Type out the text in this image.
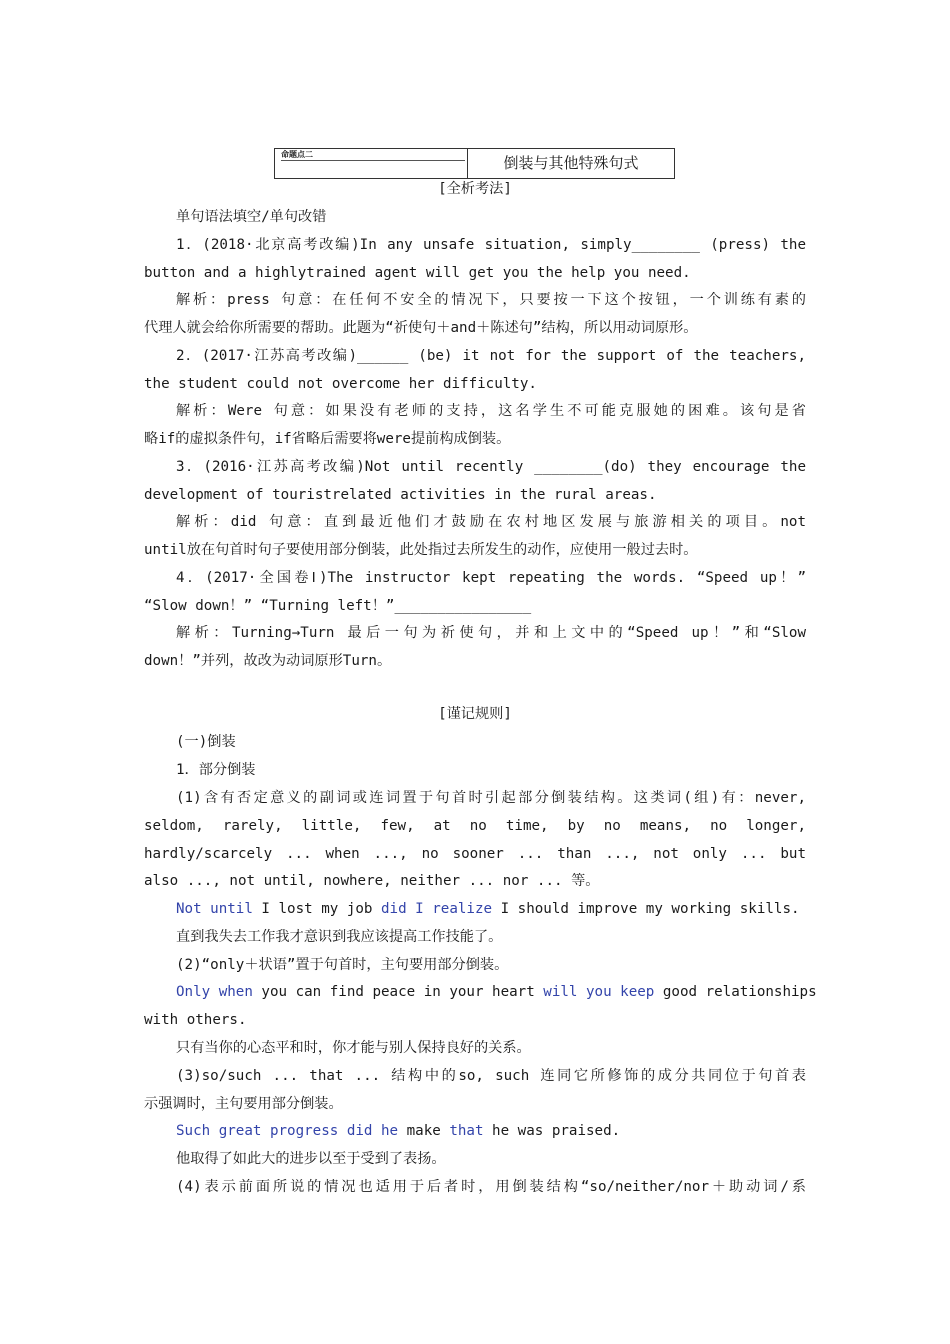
命题点二	倒装与其他特殊句式
[全析考法]
单句语法填空/单句改错
1．(2018·北京高考改编)In any unsafe situation, simply________ (press) the
button and a highlytrained agent will get you the help you need.
解析：press 句意：在任何不安全的情况下，只要按一下这个按钮，一个训练有素的
代理人就会给你所需要的帮助。此题为“祈使句＋and＋陈述句”结构，所以用动词原形。
2．(2017·江苏高考改编)______ (be) it not for the support of the teachers,
the student could not overcome her difficulty.
解析：Were 句意：如果没有老师的支持，这名学生不可能克服她的困难。该句是省
略if的虚拟条件句，if省略后需要将were提前构成倒装。
3．(2016·江苏高考改编)Not until recently ________(do) they encourage the
development of touristrelated activities in the rural areas.
解析：did 句意：直到最近他们才鼓励在农村地区发展与旅游相关的项目。not
until放在句首时句子要使用部分倒装，此处指过去所发生的动作，应使用一般过去时。
4．(2017·全国卷Ⅰ)The instructor kept repeating the words. “Speed up！”
“Slow down！” “Turning left！”________________
解析：Turning→Turn 最后一句为祈使句，并和上文中的“Speed up！”和“Slow
down！”并列，故改为动词原形Turn。
[谨记规则]
(一)倒装
1．部分倒装
(1)含有否定意义的副词或连词置于句首时引起部分倒装结构。这类词(组)有：never,
seldom, rarely, little, few, at no time, by no means, no longer,
hardly/scarcely ... when ..., no sooner ... than ..., not only ... but
also ..., not until, nowhere, neither ... nor ... 等。
Not until I lost my job did I realize I should improve my working skills.
直到我失去工作我才意识到我应该提高工作技能了。
(2)“only＋状语”置于句首时，主句要用部分倒装。
Only when you can find peace in your heart will you keep good relationships
with others.
只有当你的心态平和时，你才能与别人保持良好的关系。
(3)so/such ... that ... 结构中的so, such 连同它所修饰的成分共同位于句首表
示强调时，主句要用部分倒装。
Such great progress did he make that he was praised.
他取得了如此大的进步以至于受到了表扬。
(4)表示前面所说的情况也适用于后者时，用倒装结构“so/neither/nor＋助动词/系
